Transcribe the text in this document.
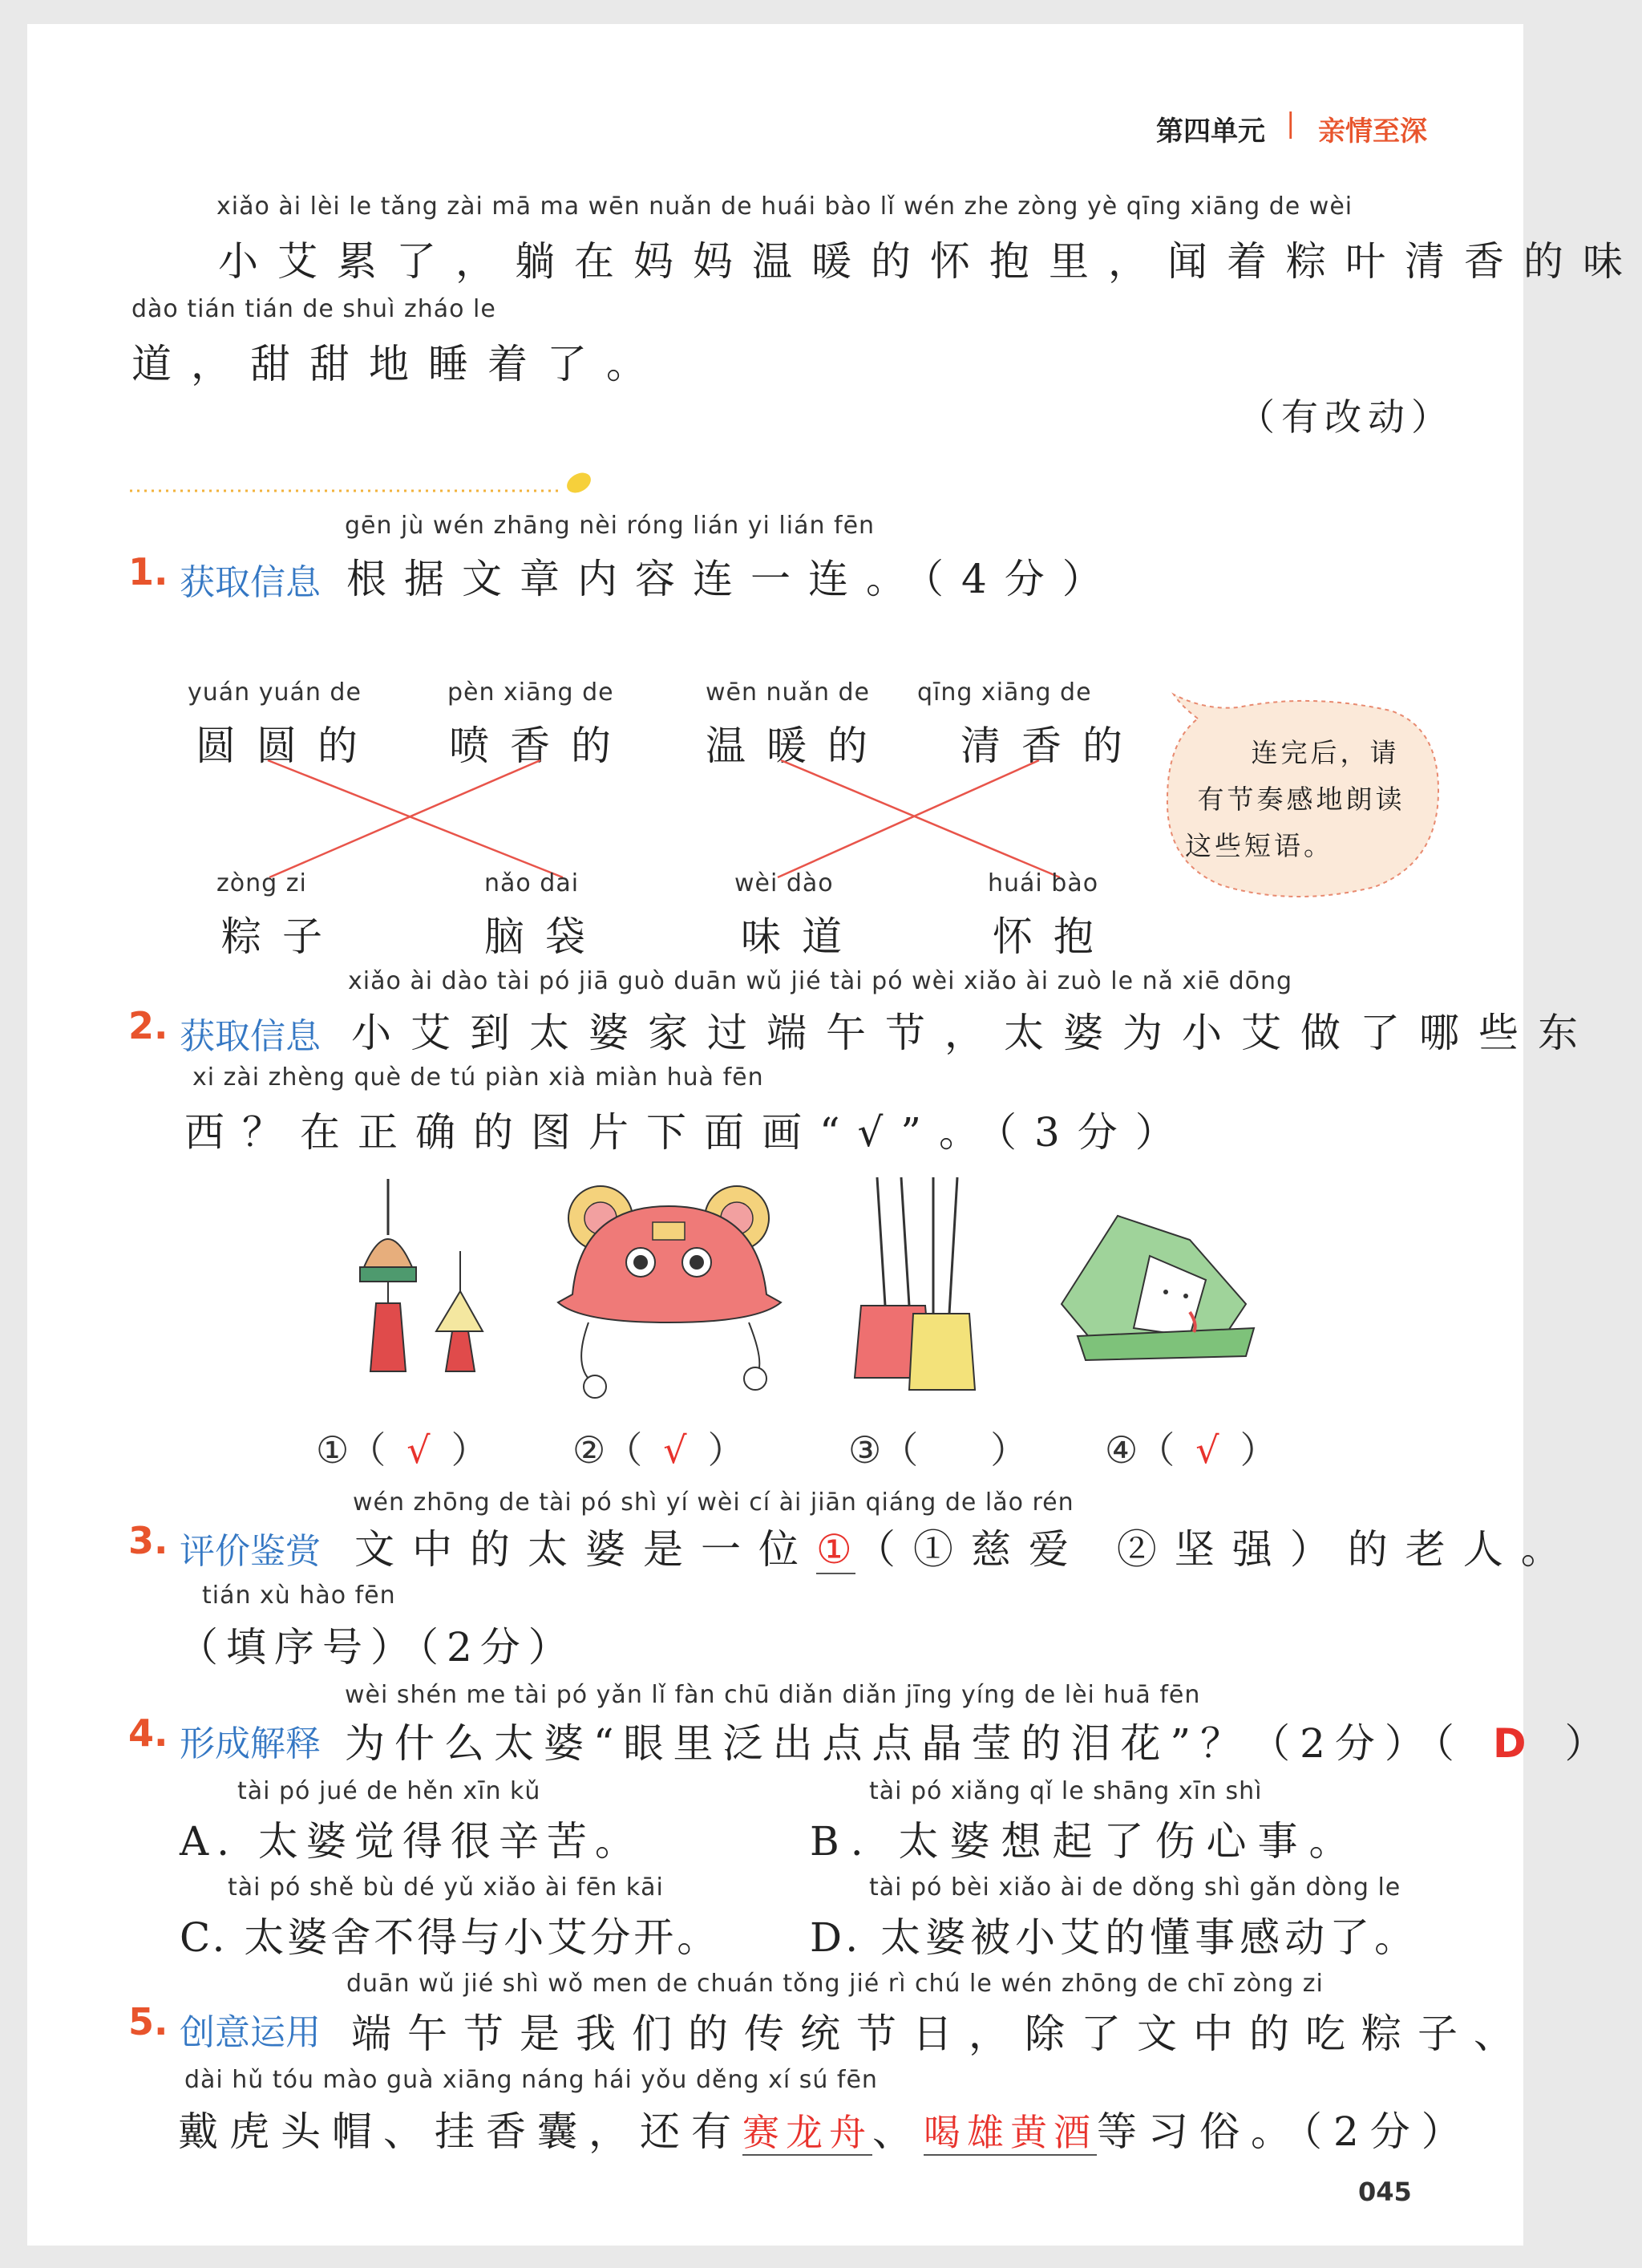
第四单元 | 亲情至深
xiǎo ài lèi le tǎng zài mā ma wēn nuǎn de huái bào lǐ wén zhe zòng yè qīng xiāng de wèi
小艾累了，躺在妈妈温暖的怀抱里，闻着粽叶清香的味
dào tián tián de shuì zháo le
道，甜甜地睡着了。
（有改动）
gēn jù wén zhāng nèi róng lián yi lián fēn
1. 获取信息 根据文章内容连一连。（4分）
yuán yuán de
圆圆的
pèn xiāng de
喷香的
wēn nuǎn de
温暖的
qīng xiāng de
清香的
zòng zi
粽子
nǎo dai
脑袋
wèi dào
味道
huái bào
怀抱
连完后，请
有节奏感地朗读
这些短语。
xiǎo ài dào tài pó jiā guò duān wǔ jié tài pó wèi xiǎo ài zuò le nǎ xiē dōng
2. 获取信息 小艾到太婆家过端午节，太婆为小艾做了哪些东
xi zài zhèng què de tú piàn xià miàn huà fēn
西？在正确的图片下面画“√”。（3分）
①（ √ ） ②（ √ ）	③（ ） ④（ √ ）
wén zhōng de tài pó shì yí wèi cí ài jiān qiáng de lǎo rén
3. 评价鉴赏 文中的太婆是一位①（①慈爱 ②坚强）的老人。
tián xù hào fēn
（填序号）（2分）
wèi shén me tài pó yǎn lǐ fàn chū diǎn diǎn jīng yíng de lèi huā fēn
4. 形成解释 为什么太婆“眼里泛出点点晶莹的泪花”？（2分）（ D ）
tài pó jué de hěn xīn kǔ
A. 太婆觉得很辛苦。
tài pó xiǎng qǐ le shāng xīn shì
B. 太婆想起了伤心事。
tài pó shě bù dé yǔ xiǎo ài fēn kāi
C. 太婆舍不得与小艾分开。
tài pó bèi xiǎo ài de dǒng shì gǎn dòng le
D. 太婆被小艾的懂事感动了。
duān wǔ jié shì wǒ men de chuán tǒng jié rì chú le wén zhōng de chī zòng zi
5. 创意运用 端午节是我们的传统节日，除了文中的吃粽子、
dài hǔ tóu mào guà xiāng náng hái yǒu děng xí sú fēn
戴虎头帽、挂香囊，还有赛龙舟、喝雄黄酒等习俗。（2分）
045
